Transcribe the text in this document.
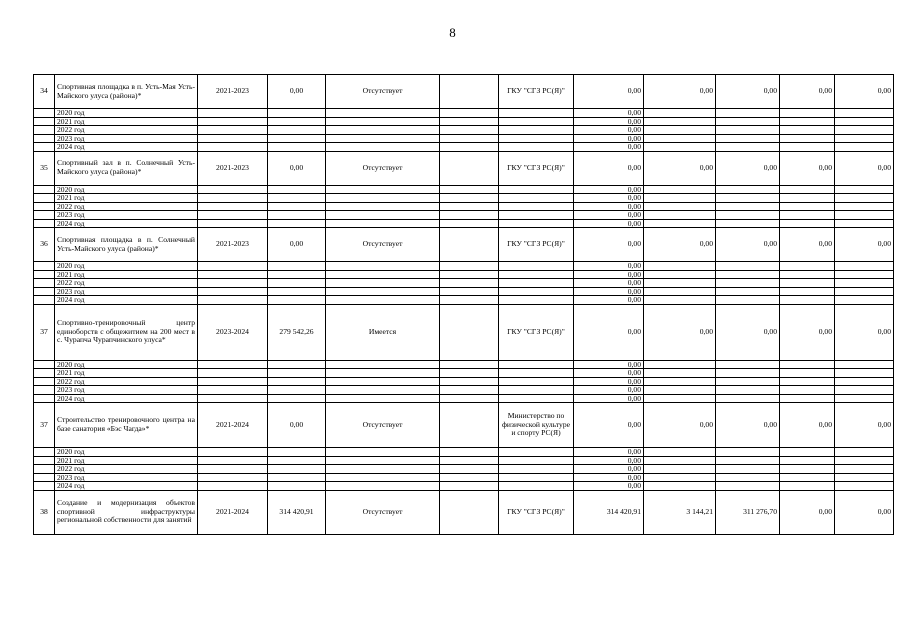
8
34	Спортивная площадка в п. Усть-Мая Усть-Майского улуса (района)*	2021-2023	0,00	Отсутствует		ГКУ "СГЗ РС(Я)"	0,00	0,00	0,00	0,00	0,00
	2020 год						0,00				
	2021 год						0,00				
	2022 год						0,00				
	2023 год						0,00				
	2024 год						0,00				
35	Спортивный зал в п. Солнечный Усть-Майского улуса (района)*	2021-2023	0,00	Отсутствует		ГКУ "СГЗ РС(Я)"	0,00	0,00	0,00	0,00	0,00
	2020 год						0,00				
	2021 год						0,00				
	2022 год						0,00				
	2023 год						0,00				
	2024 год						0,00				
36	Спортивная площадка в п. Солнечный Усть-Майского улуса (района)*	2021-2023	0,00	Отсутствует		ГКУ "СГЗ РС(Я)"	0,00	0,00	0,00	0,00	0,00
	2020 год						0,00				
	2021 год						0,00				
	2022 год						0,00				
	2023 год						0,00				
	2024 год						0,00				
37	Спортивно-тренировочный центр единоборств с общежитием на 200 мест в с. Чурапча Чурапчинского улуса*	2023-2024	279 542,26	Имеется		ГКУ "СГЗ РС(Я)"	0,00	0,00	0,00	0,00	0,00
	2020 год						0,00				
	2021 год						0,00				
	2022 год						0,00				
	2023 год						0,00				
	2024 год						0,00				
37	Строительство тренировочного центра на базе санатория «Бэс Чагда»*	2021-2024	0,00	Отсутствует		Министерство по физической культуре и спорту РС(Я)	0,00	0,00	0,00	0,00	0,00
	2020 год						0,00				
	2021 год						0,00				
	2022 год						0,00				
	2023 год						0,00				
	2024 год						0,00				
38	Создание и модернизация объектов спортивной инфраструктуры региональной собственности для занятий	2021-2024	314 420,91	Отсутствует		ГКУ "СГЗ РС(Я)"	314 420,91	3 144,21	311 276,70	0,00	0,00
